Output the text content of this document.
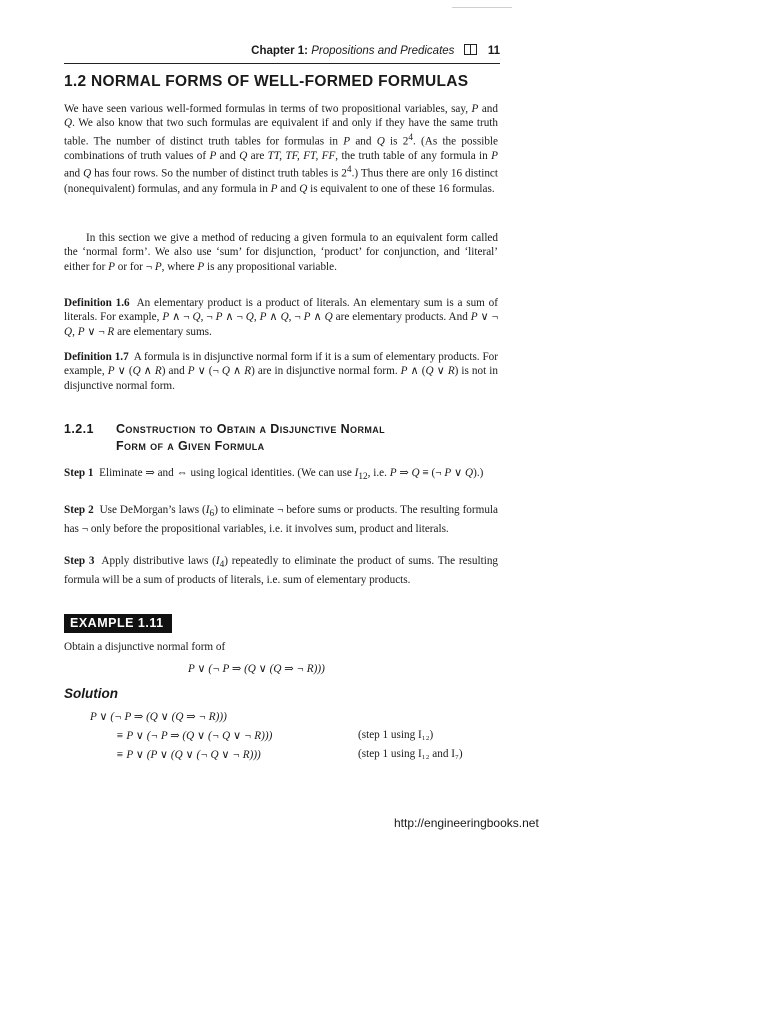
Chapter 1: Propositions and Predicates	11
1.2 NORMAL FORMS OF WELL-FORMED FORMULAS

We have seen various well-formed formulas in terms of two propositional variables, say, P and Q. We also know that two such formulas are equivalent if and only if they have the same truth table. The number of distinct truth tables for formulas in P and Q is $2^4$. (As the possible combinations of truth values of P and Q are TT, TF, FT, FF, the truth table of any formula in P and Q has four rows. So the number of distinct truth tables is $2^4$.) Thus there are only 16 distinct (nonequivalent) formulas, and any formula in P and Q is equivalent to one of these 16 formulas.

In this section we give a method of reducing a given formula to an equivalent form called the ‘normal form’. We also use ‘sum’ for disjunction, ‘product’ for conjunction, and ‘literal’ either for P or for ¬ P, where P is any propositional variable.

Definition 1.6  An elementary product is a product of literals. An elementary sum is a sum of literals. For example, P ∧ ¬ Q, ¬ P ∧ ¬ Q, P ∧ Q, ¬ P ∧ Q are elementary products. And P ∨ ¬ Q, P ∨ ¬ R are elementary sums.

Definition 1.7  A formula is in disjunctive normal form if it is a sum of elementary products. For example, P ∨ (Q ∧ R) and P ∨ (¬ Q ∧ R) are in disjunctive normal form. P ∧ (Q ∨ R) is not in disjunctive normal form.

1.2.1 Construction to Obtain a Disjunctive Normal
Form of a Given Formula

Step 1  Eliminate ⇒ and ⇔ using logical identities. (We can use $I_{12}$, i.e. P ⇒ Q ≡ (¬ P ∨ Q).)

Step 2  Use DeMorgan’s laws $(I_6)$ to eliminate ¬ before sums or products. The resulting formula has ¬ only before the propositional variables, i.e. it involves sum, product and literals.

Step 3  Apply distributive laws $(I_4)$ repeatedly to eliminate the product of sums. The resulting formula will be a sum of products of literals, i.e. sum of elementary products.

EXAMPLE 1.11
Obtain a disjunctive normal form of
P ∨ (¬ P ⇒ (Q ∨ (Q ⇒ ¬ R)))
Solution
P ∨ (¬ P ⇒ (Q ∨ (Q ⇒ ¬ R)))
≡ P ∨ (¬ P ⇒ (Q ∨ (¬ Q ∨ ¬ R)))	(step 1 using I₁₂)
≡ P ∨ (P ∨ (Q ∨ (¬ Q ∨ ¬ R)))	(step 1 using I₁₂ and I₇)
http://engineeringbooks.net
